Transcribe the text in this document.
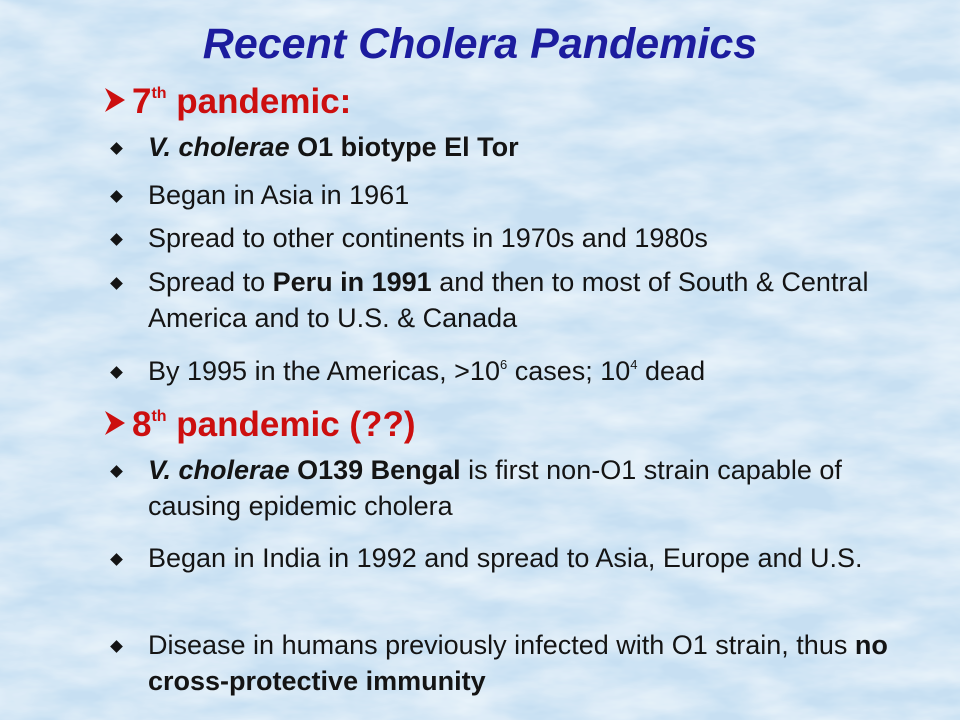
Recent Cholera Pandemics
7th pandemic:
V. cholerae O1 biotype El Tor
Began in Asia in 1961
Spread to other continents in 1970s and 1980s
Spread to Peru in 1991 and then to most of South & Central America and to U.S. & Canada
By 1995 in the Americas, $>10^6$ cases; $10^4$ dead
8th pandemic (??)
V. cholerae O139 Bengal is first non-O1 strain capable of causing epidemic cholera
Began in India in 1992 and spread to Asia, Europe and U.S.
Disease in humans previously infected with O1 strain, thus no cross-protective immunity
